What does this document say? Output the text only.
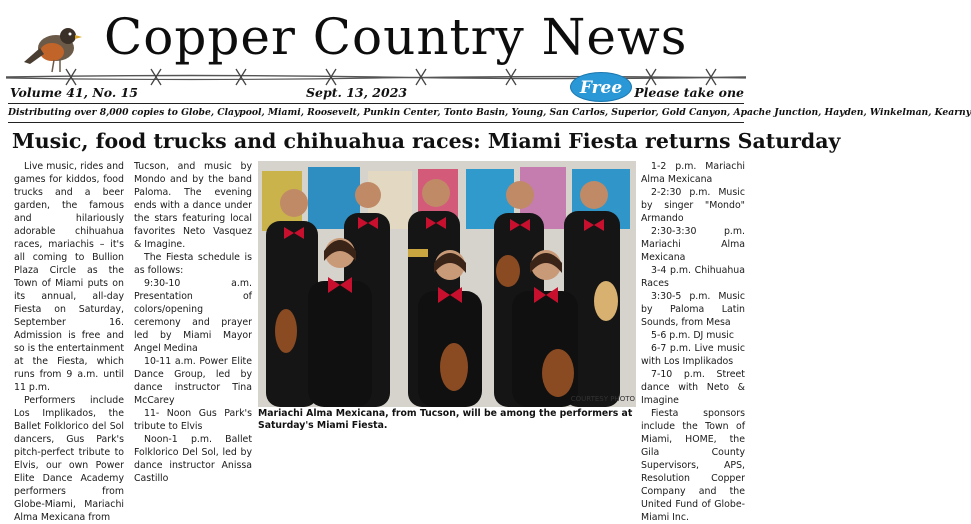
Copper Country News
Volume 41, No. 15	Sept. 13, 2023	Free Please take one
Distributing over 8,000 copies to Globe, Claypool, Miami, Roosevelt, Punkin Center, Tonto Basin, Young, San Carlos, Superior, Gold Canyon, Apache Junction, Hayden, Winkelman, Kearny
Music, food trucks and chihuahua races: Miami Fiesta returns Saturday

Live music, rides and games for kiddos, food trucks and a beer garden, the famous and hilariously adorable chihuahua races, mariachis – it's all coming to Bullion Plaza Circle as the Town of Miami puts on its annual, all-day Fiesta on Saturday, September 16. Admission is free and so is the entertainment at the Fiesta, which runs from 9 a.m. until 11 p.m.

Performers include Los Implikados, the Ballet Folklorico del Sol dancers, Gus Park's pitch-perfect tribute to Elvis, our own Power Elite Dance Academy performers from Globe-Miami, Mariachi Alma Mexicana from

Tucson, and music by Mondo and by the band Paloma. The evening ends with a dance under the stars featuring local favorites Neto Vasquez & Imagine.

The Fiesta schedule is as follows:

9:30-10 a.m. Presentation of colors/opening ceremony and prayer led by Miami Mayor Angel Medina

10-11 a.m. Power Elite Dance Group, led by dance instructor Tina McCarey

11- Noon Gus Park's tribute to Elvis

Noon-1 p.m. Ballet Folklorico Del Sol, led by dance instructor Anissa Castillo

COURTESY PHOTO
Mariachi Alma Mexicana, from Tucson, will be among the performers at Saturday's Miami Fiesta.

1-2 p.m. Mariachi Alma Mexicana

2-2:30 p.m. Music by singer "Mondo" Armando

2:30-3:30 p.m. Mariachi Alma Mexicana

3-4 p.m. Chihuahua Races

3:30-5 p.m. Music by Paloma Latin Sounds, from Mesa

5-6 p.m. DJ music

6-7 p.m. Live music with Los Implikados

7-10 p.m. Street dance with Neto & Imagine

Fiesta sponsors include the Town of Miami, HOME, the Gila County Supervisors, APS, Resolution Copper Company and the United Fund of Globe-Miami Inc.
